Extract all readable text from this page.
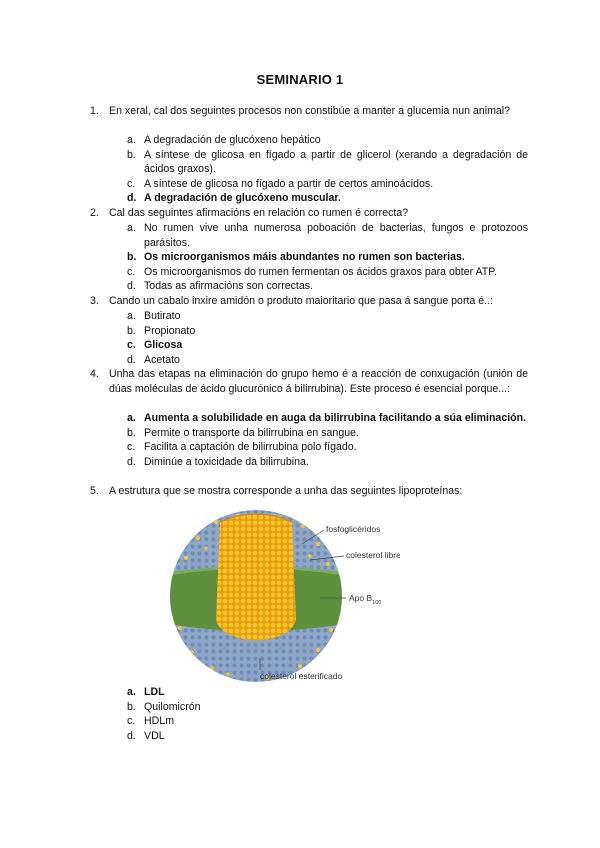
SEMINARIO 1
1. En xeral, cal dos seguintes procesos non constibúe a manter a glucemia nun animal?
a. A degradación de glucóxeno hepático
b. A síntese de glicosa en fígado a partir de glicerol (xerando a degradación de ácidos graxos).
c. A síntese de glicosa no fígado a partir de certos aminoácidos.
d. A degradación de glucóxeno muscular.
2. Cal das seguintes afirmacións en relación co rumen é correcta?
a. No rumen vive unha numerosa poboación de bacterias, fungos e protozoos parásitos.
b. Os microorganismos máis abundantes no rumen son bacterias.
c. Os microorganismos do rumen fermentan os ácidos graxos para obter ATP.
d. Todas as afirmacións son correctas.
3. Cando un cabalo inxire amidón o produto maioritario que pasa á sangue porta é..:
a. Butirato
b. Propionato
c. Glicosa
d. Acetato
4. Unha das etapas na eliminación do grupo hemo é a reacción de conxugación (unión de dúas moléculas de ácido glucurónico á bilirrubina). Este proceso é esencial porque...:
a. Aumenta a solubilidade en auga da bilirrubina facilitando a súa eliminación.
b. Permite o transporte da bilirrubina en sangue.
c. Facilita a captación de bilirrubina polo fígado.
d. Diminúe a toxicidade da bilirrubina.
5. A estrutura que se mostra corresponde a unha das seguintes lipoproteínas:
fosfoglicéridos
colesterol libre
Apo $B_{100}$
colesterol esterificado
a. LDL
b. Quilomicrón
c. HDLm
d. VDL
